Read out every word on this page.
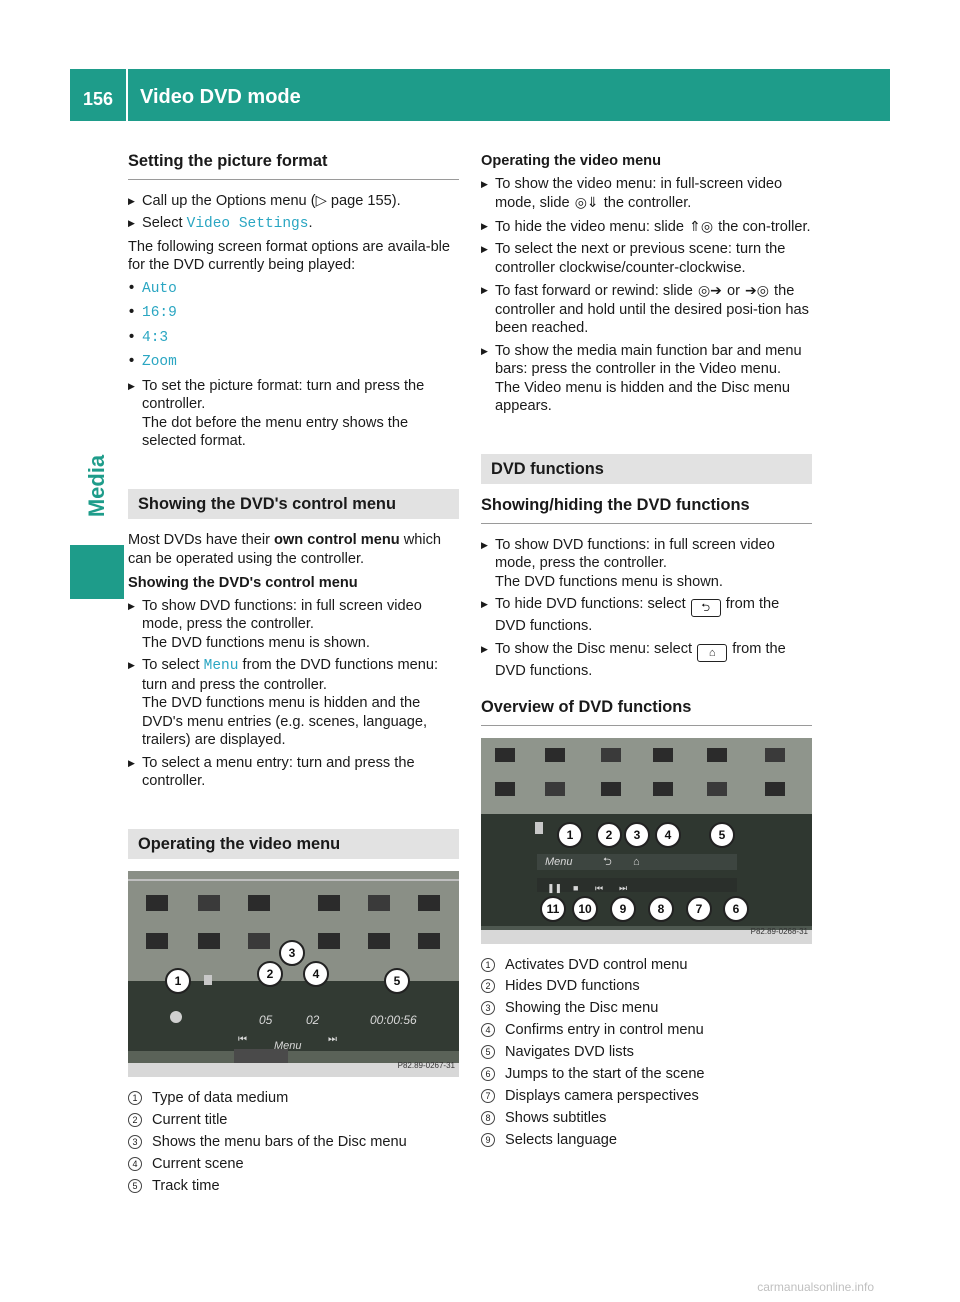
156 Video DVD mode
Media
Setting the picture format
▶ Call up the Options menu (▷ page 155).
▶ Select Video Settings.
The following screen format options are availa-ble for the DVD currently being played:
• Auto
• 16:9
• 4:3
• Zoom
▶ To set the picture format: turn and press the controller.
The dot before the menu entry shows the selected format.
Showing the DVD's control menu
Most DVDs have their own control menu which can be operated using the controller.
Showing the DVD's control menu
▶ To show DVD functions: in full screen video mode, press the controller.
The DVD functions menu is shown.
▶ To select Menu from the DVD functions menu: turn and press the controller.
The DVD functions menu is hidden and the DVD's menu entries (e.g. scenes, language, trailers) are displayed.
▶ To select a menu entry: turn and press the controller.
Operating the video menu
1	2
3
4	5
05	02	00:00:56
⏮
Menu
⏭
P82.89-0267-31
1 Type of data medium
2 Current title
3 Shows the menu bars of the Disc menu
4 Current scene
5 Track time
Operating the video menu
▶ To show the video menu: in full-screen video mode, slide ◎⇓ the controller.
▶ To hide the video menu: slide ⇑◎ the con-troller.
▶ To select the next or previous scene: turn the controller clockwise/counter-clockwise.
▶ To fast forward or rewind: slide ◎➔ or ➔◎ the controller and hold until the desired posi-tion has been reached.
▶ To show the media main function bar and menu bars: press the controller in the Video menu.
The Video menu is hidden and the Disc menu appears.
DVD functions
Showing/hiding the DVD functions
▶ To show DVD functions: in full screen video mode, press the controller.
The DVD functions menu is shown.
▶ To hide DVD functions: select ⮌ from the DVD functions.
▶ To show the Disc menu: select ⌂ from the DVD functions.
Overview of DVD functions
1	2	3	4	5
Menu	⮌ ⌂
❚❚ ■ ⏮ ⏭
11	10	9	8	7	6
P82.89-0268-31
1 Activates DVD control menu
2 Hides DVD functions
3 Showing the Disc menu
4 Confirms entry in control menu
5 Navigates DVD lists
6 Jumps to the start of the scene
7 Displays camera perspectives
8 Shows subtitles
9 Selects language
carmanualsonline.info
